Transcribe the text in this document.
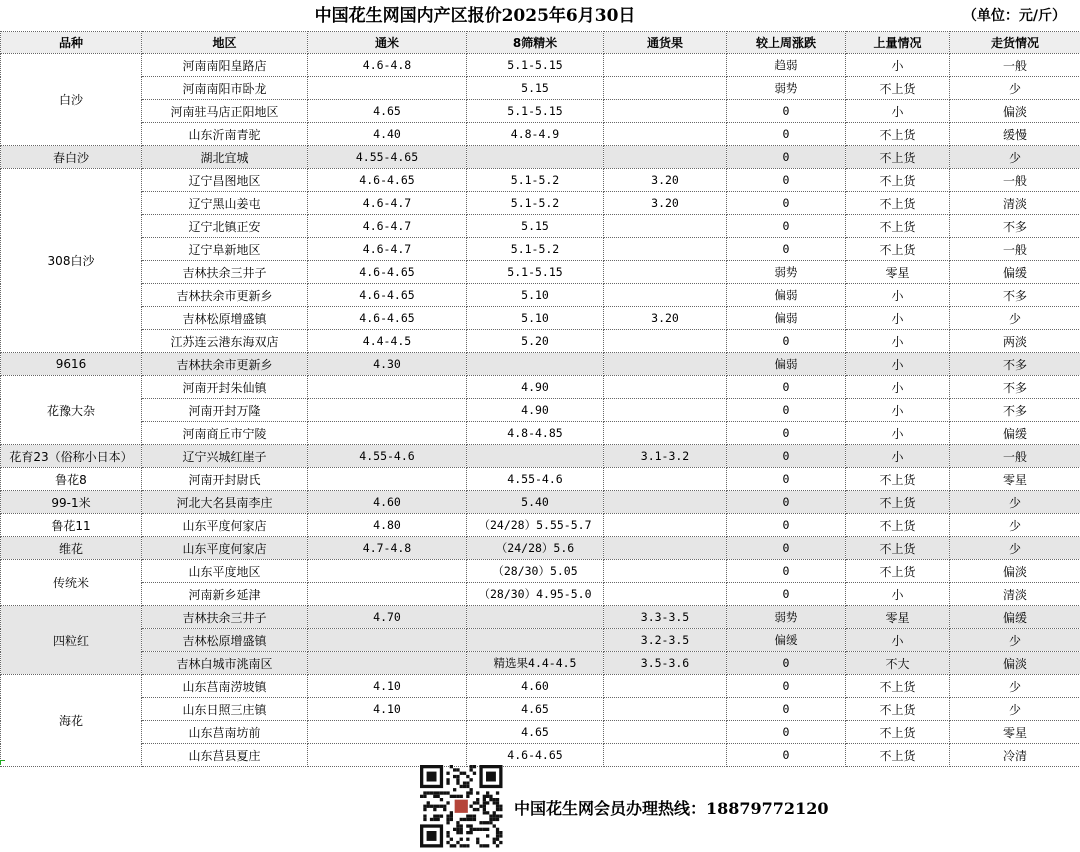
中国花生网国内产区报价2025年6月30日	（单位：元/斤）
品种	地区	通米	8筛精米	通货果	较上周涨跌	上量情况	走货情况
白沙	河南南阳皇路店	4.6-4.8	5.1-5.15		趋弱	小	一般
	河南南阳市卧龙		5.15		弱势	不上货	少
	河南驻马店正阳地区	4.65	5.1-5.15		0	小	偏淡
	山东沂南青驼	4.40	4.8-4.9		0	不上货	缓慢
春白沙	湖北宜城	4.55-4.65			0	不上货	少
308白沙	辽宁昌图地区	4.6-4.65	5.1-5.2	3.20	0	不上货	一般
	辽宁黑山姜屯	4.6-4.7	5.1-5.2	3.20	0	不上货	清淡
	辽宁北镇正安	4.6-4.7	5.15		0	不上货	不多
	辽宁阜新地区	4.6-4.7	5.1-5.2		0	不上货	一般
	吉林扶余三井子	4.6-4.65	5.1-5.15		弱势	零星	偏缓
	吉林扶余市更新乡	4.6-4.65	5.10		偏弱	小	不多
	吉林松原增盛镇	4.6-4.65	5.10	3.20	偏弱	小	少
	江苏连云港东海双店	4.4-4.5	5.20		0	小	两淡
9616	吉林扶余市更新乡	4.30			偏弱	小	不多
花豫大杂	河南开封朱仙镇		4.90		0	小	不多
	河南开封万隆		4.90		0	小	不多
	河南商丘市宁陵		4.8-4.85		0	小	偏缓
花育23（俗称小日本）	辽宁兴城红崖子	4.55-4.6		3.1-3.2	0	小	一般
鲁花8	河南开封尉氏		4.55-4.6		0	不上货	零星
99-1米	河北大名县南李庄	4.60	5.40		0	不上货	少
鲁花11	山东平度何家店	4.80	（24/28）5.55-5.7		0	不上货	少
维花	山东平度何家店	4.7-4.8	（24/28）5.6		0	不上货	少
传统米	山东平度地区		（28/30）5.05		0	不上货	偏淡
	河南新乡延津		（28/30）4.95-5.0		0	小	清淡
四粒红	吉林扶余三井子	4.70		3.3-3.5	弱势	零星	偏缓
	吉林松原增盛镇			3.2-3.5	偏缓	小	少
	吉林白城市洮南区		精选果4.4-4.5	3.5-3.6	0	不大	偏淡
海花	山东莒南涝坡镇	4.10	4.60		0	不上货	少
	山东日照三庄镇	4.10	4.65		0	不上货	少
	山东莒南坊前		4.65		0	不上货	零星
	山东莒县夏庄		4.6-4.65		0	不上货	冷清
中国花生网会员办理热线：18879772120
